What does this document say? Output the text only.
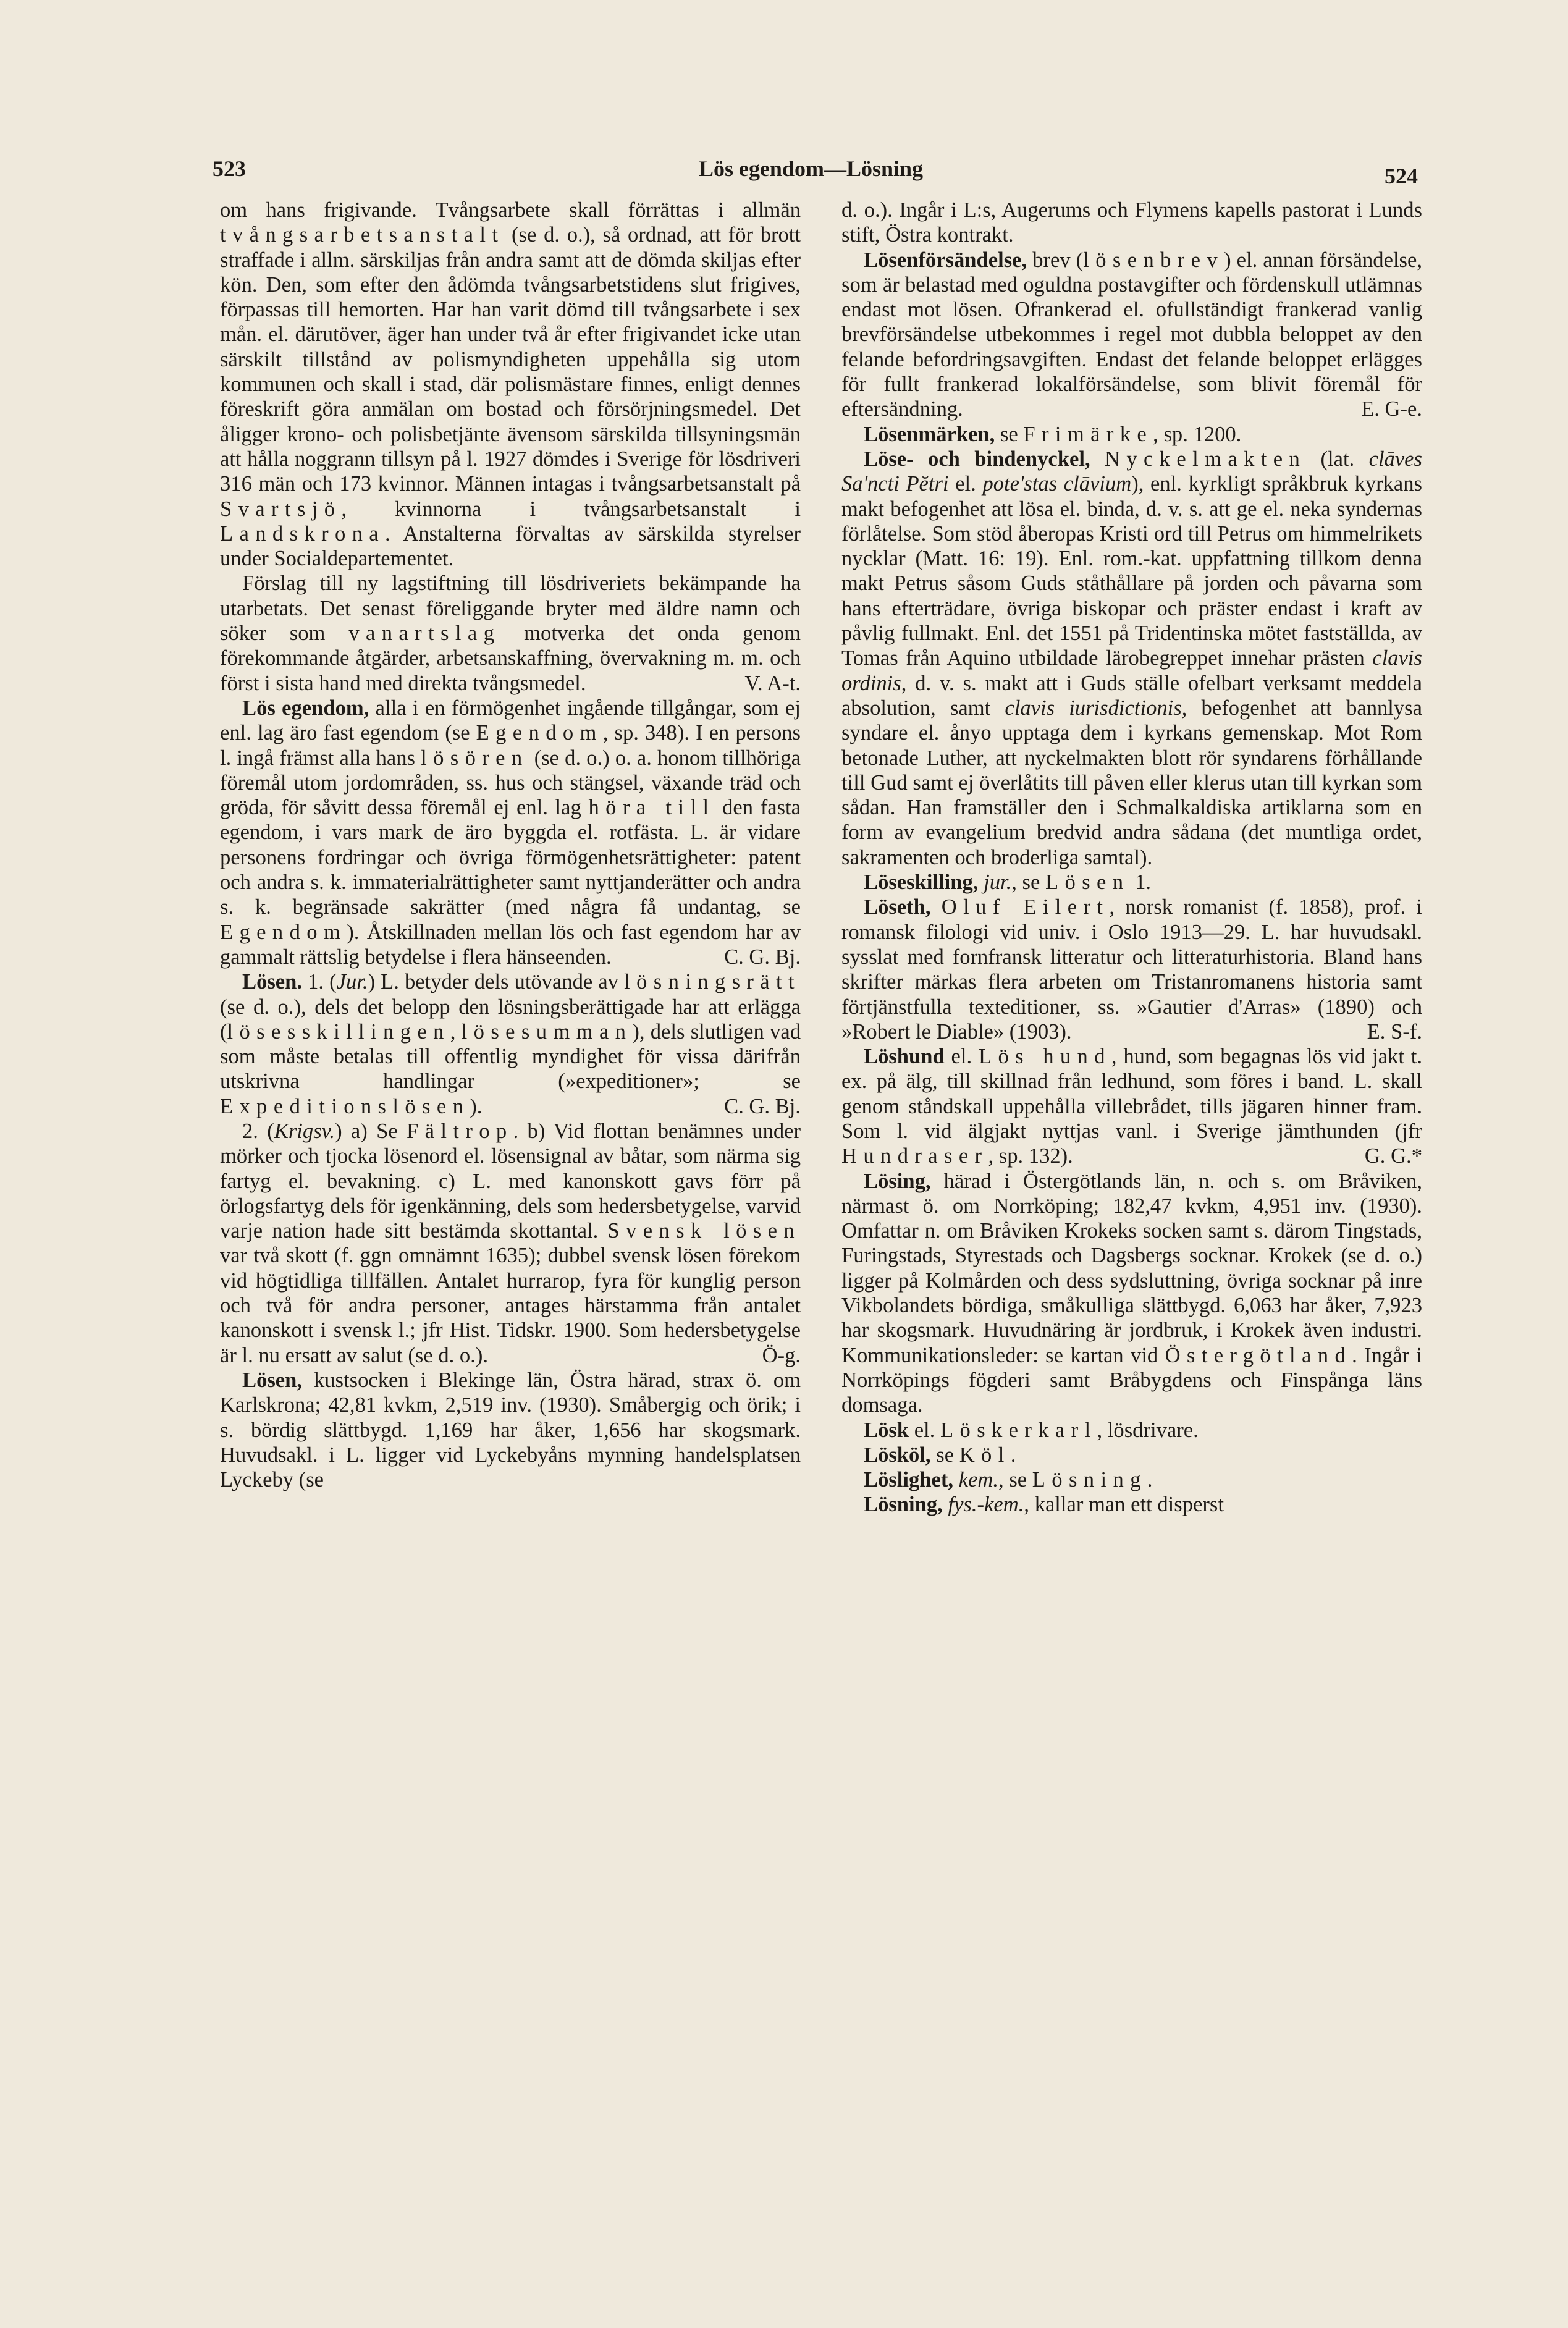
523	Lös egendom—Lösning	524

om hans frigivande. Tvångsarbete skall förrättas i allmän tvångsarbetsanstalt (se d. o.), så ordnad, att för brott straffade i allm. särskiljas från andra samt att de dömda skiljas efter kön. Den, som efter den ådömda tvångsarbetstidens slut frigives, förpassas till hemorten. Har han varit dömd till tvångsarbete i sex mån. el. därutöver, äger han under två år efter frigivandet icke utan särskilt tillstånd av polismyndigheten uppehålla sig utom kommunen och skall i stad, där polismästare finnes, enligt dennes föreskrift göra anmälan om bostad och försörjningsmedel. Det åligger krono- och polisbetjänte ävensom särskilda tillsyningsmän att hålla noggrann tillsyn på l. 1927 dömdes i Sverige för lösdriveri 316 män och 173 kvinnor. Männen intagas i tvångsarbetsanstalt på Svartsjö, kvinnorna i tvångsarbetsanstalt i Landskrona. Anstalterna förvaltas av särskilda styrelser under Socialdepartementet.

Förslag till ny lagstiftning till lösdriveriets bekämpande ha utarbetats. Det senast föreliggande bryter med äldre namn och söker som vanartslag motverka det onda genom förekommande åtgärder, arbetsanskaffning, övervakning m. m. och först i sista hand med direkta tvångsmedel.	V. A-t.

Lös egendom, alla i en förmögenhet ingående tillgångar, som ej enl. lag äro fast egendom (se Egendom, sp. 348). I en persons l. ingå främst alla hans lösören (se d. o.) o. a. honom tillhöriga föremål utom jordområden, ss. hus och stängsel, växande träd och gröda, för såvitt dessa föremål ej enl. lag höra till den fasta egendom, i vars mark de äro byggda el. rotfästa. L. är vidare personens fordringar och övriga förmögenhetsrättigheter: patent och andra s. k. immaterialrättigheter samt nyttjanderätter och andra s. k. begränsade sakrätter (med några få undantag, se Egendom). Åtskillnaden mellan lös och fast egendom har av gammalt rättslig betydelse i flera hänseenden.	C. G. Bj.

Lösen. 1. (Jur.) L. betyder dels utövande av lösningsrätt (se d. o.), dels det belopp den lösningsberättigade har att erlägga (lösesskillingen, lösesumman), dels slutligen vad som måste betalas till offentlig myndighet för vissa därifrån utskrivna handlingar (»expeditioner»; se Expeditionslösen).	C. G. Bj.

2. (Krigsv.) a) Se Fältrop. b) Vid flottan benämnes under mörker och tjocka lösenord el. lösensignal av båtar, som närma sig fartyg el. bevakning. c) L. med kanonskott gavs förr på örlogsfartyg dels för igenkänning, dels som hedersbetygelse, varvid varje nation hade sitt bestämda skottantal. Svensk lösen var två skott (f. ggn omnämnt 1635); dubbel svensk lösen förekom vid högtidliga tillfällen. Antalet hurrarop, fyra för kunglig person och två för andra personer, antages härstamma från antalet kanonskott i svensk l.; jfr Hist. Tidskr. 1900. Som hedersbetygelse är l. nu ersatt av salut (se d. o.).	Ö-g.

Lösen, kustsocken i Blekinge län, Östra härad, strax ö. om Karlskrona; 42,81 kvkm, 2,519 inv. (1930). Småbergig och örik; i s. bördig slättbygd. 1,169 har åker, 1,656 har skogsmark. Huvudsakl. i L. ligger vid Lyckebyåns mynning handelsplatsen Lyckeby (se

d. o.). Ingår i L:s, Augerums och Flymens kapells pastorat i Lunds stift, Östra kontrakt.

Lösenförsändelse, brev (lösenbrev) el. annan försändelse, som är belastad med oguldna postavgifter och fördenskull utlämnas endast mot lösen. Ofrankerad el. ofullständigt frankerad vanlig brevförsändelse utbekommes i regel mot dubbla beloppet av den felande befordringsavgiften. Endast det felande beloppet erlägges för fullt frankerad lokalförsändelse, som blivit föremål för eftersändning.	E. G-e.

Lösenmärken, se Frimärke, sp. 1200.

Löse- och bindenyckel, Nyckelmakten (lat. clāves Sa'ncti Pĕtri el. pote'stas clāvium), enl. kyrkligt språkbruk kyrkans makt befogenhet att lösa el. binda, d. v. s. att ge el. neka syndernas förlåtelse. Som stöd åberopas Kristi ord till Petrus om himmelrikets nycklar (Matt. 16: 19). Enl. rom.-kat. uppfattning tillkom denna makt Petrus såsom Guds ståthållare på jorden och påvarna som hans efterträdare, övriga biskopar och präster endast i kraft av påvlig fullmakt. Enl. det 1551 på Tridentinska mötet fastställda, av Tomas från Aquino utbildade lärobegreppet innehar prästen clavis ordinis, d. v. s. makt att i Guds ställe ofelbart verksamt meddela absolution, samt clavis iurisdictionis, befogenhet att bannlysa syndare el. ånyo upptaga dem i kyrkans gemenskap. Mot Rom betonade Luther, att nyckelmakten blott rör syndarens förhållande till Gud samt ej överlåtits till påven eller klerus utan till kyrkan som sådan. Han framställer den i Schmalkaldiska artiklarna som en form av evangelium bredvid andra sådana (det muntliga ordet, sakramenten och broderliga samtal).

Löseskilling, jur., se Lösen 1.

Löseth, Oluf Eilert, norsk romanist (f. 1858), prof. i romansk filologi vid univ. i Oslo 1913—29. L. har huvudsakl. sysslat med fornfransk litteratur och litteraturhistoria. Bland hans skrifter märkas flera arbeten om Tristanromanens historia samt förtjänstfulla texteditioner, ss. »Gautier d'Arras» (1890) och »Robert le Diable» (1903).	E. S-f.

Löshund el. Lös hund, hund, som begagnas lös vid jakt t. ex. på älg, till skillnad från ledhund, som föres i band. L. skall genom ståndskall uppehålla villebrådet, tills jägaren hinner fram. Som l. vid älgjakt nyttjas vanl. i Sverige jämthunden (jfr Hundraser, sp. 132).	G. G.*

Lösing, härad i Östergötlands län, n. och s. om Bråviken, närmast ö. om Norrköping; 182,47 kvkm, 4,951 inv. (1930). Omfattar n. om Bråviken Krokeks socken samt s. därom Tingstads, Furingstads, Styrestads och Dagsbergs socknar. Krokek (se d. o.) ligger på Kolmården och dess sydsluttning, övriga socknar på inre Vikbolandets bördiga, småkulliga slättbygd. 6,063 har åker, 7,923 har skogsmark. Huvudnäring är jordbruk, i Krokek även industri. Kommunikationsleder: se kartan vid Östergötland. Ingår i Norrköpings fögderi samt Bråbygdens och Finspånga läns domsaga.

Lösk el. Löskerkarl, lösdrivare.

Lösköl, se Köl.

Löslighet, kem., se Lösning.

Lösning, fys.-kem., kallar man ett disperst
